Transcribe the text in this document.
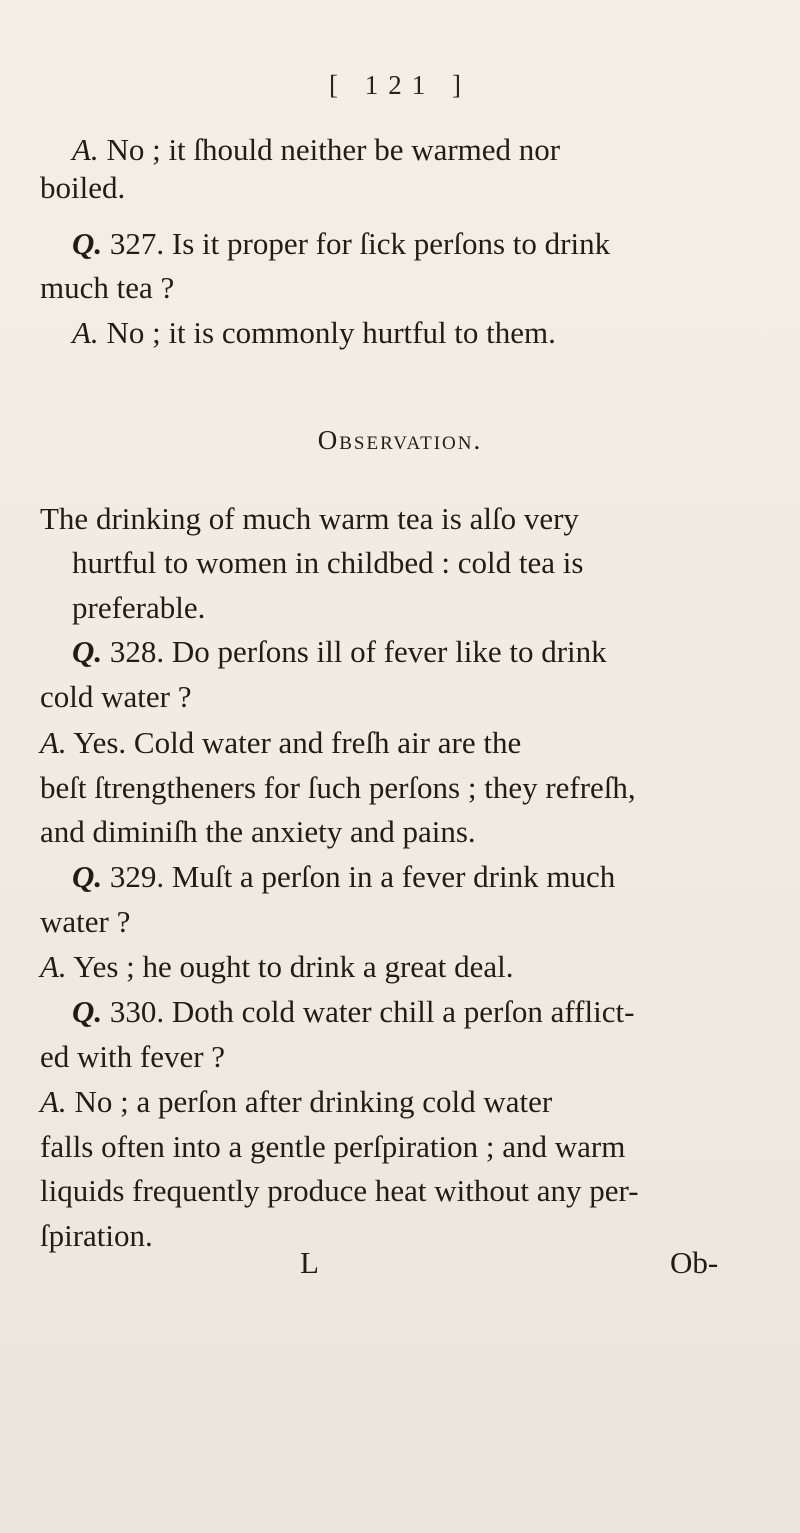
[ 121 ]
A. No ; it ſhould neither be warmed nor
boiled.
Q. 327. Is it proper for ſick perſons to drink
much tea ?
A. No ; it is commonly hurtful to them.
Observation.
The drinking of much warm tea is alſo very
hurtful to women in childbed : cold tea is
preferable.
Q. 328. Do perſons ill of fever like to drink
cold water ?
A. Yes. Cold water and freſh air are the
beſt ſtrengtheners for ſuch perſons ; they refreſh,
and diminiſh the anxiety and pains.
Q. 329. Muſt a perſon in a fever drink much
water ?
A. Yes ; he ought to drink a great deal.
Q. 330. Doth cold water chill a perſon afflict-
ed with fever ?
A. No ; a perſon after drinking cold water
falls often into a gentle perſpiration ; and warm
liquids frequently produce heat without any per-
ſpiration.
L	Ob-
